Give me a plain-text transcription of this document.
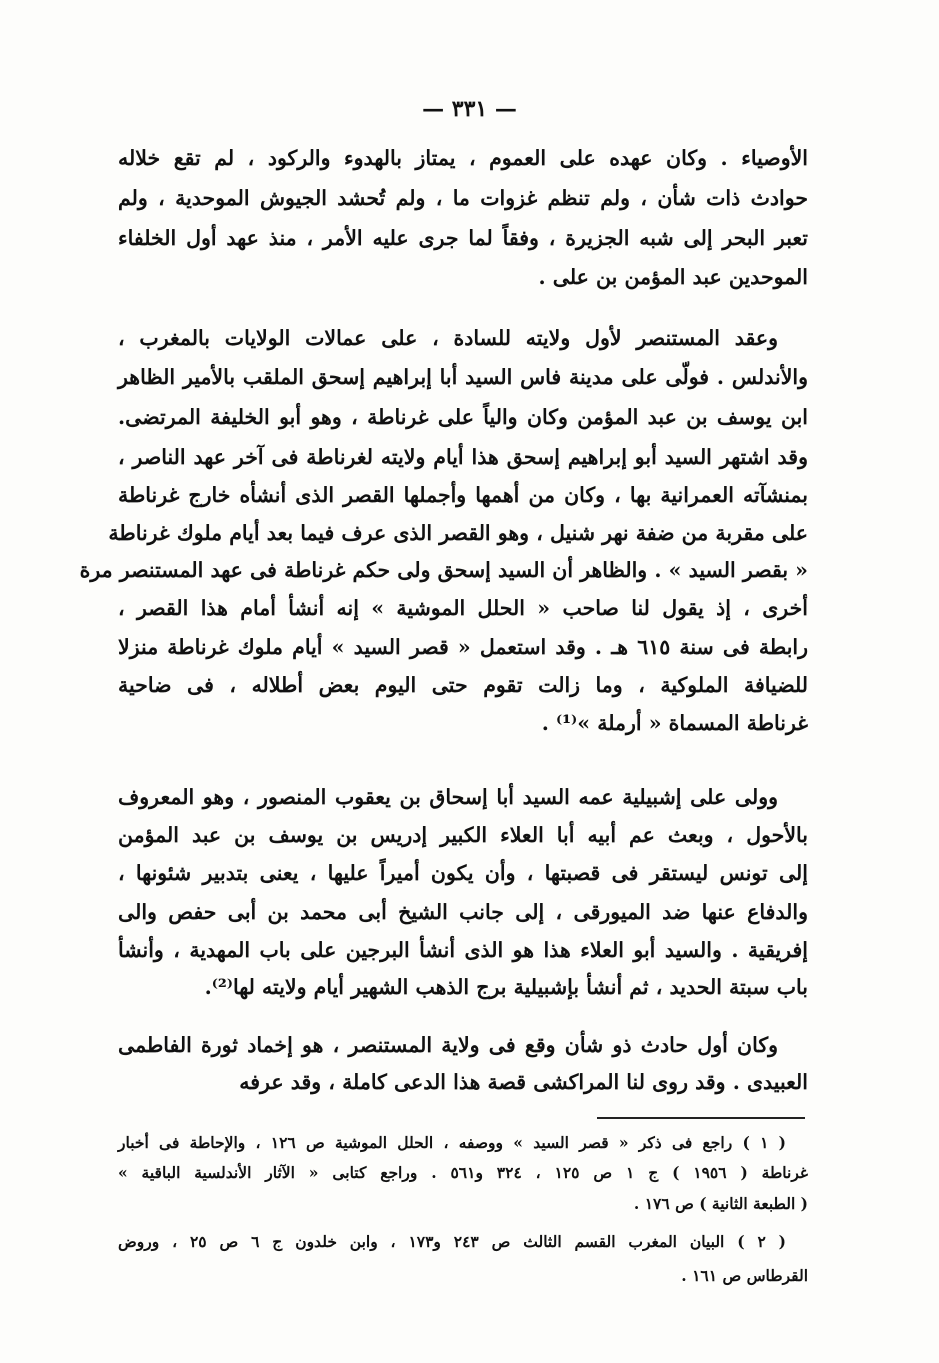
— ٣٣١ —
الأوصياء . وكان عهده على العموم ، يمتاز بالهدوء والركود ، لم تقع خلاله
حوادث ذات شأن ، ولم تنظم غزوات ما ، ولم تُحشد الجيوش الموحدية ، ولم
تعبر البحر إلى شبه الجزيرة ، وفقاً لما جرى عليه الأمر ، منذ عهد أول الخلفاء
الموحدين عبد المؤمن بن على .
وعقد المستنصر لأول ولايته للسادة ، على عمالات الولايات بالمغرب ،
والأندلس . فولّى على مدينة فاس السيد أبا إبراهيم إسحق الملقب بالأمير الظاهر
ابن يوسف بن عبد المؤمن وكان والياً على غرناطة ، وهو أبو الخليفة المرتضى.
وقد اشتهر السيد أبو إبراهيم إسحق هذا أيام ولايته لغرناطة فى آخر عهد الناصر ،
بمنشآته العمرانية بها ، وكان من أهمها وأجملها القصر الذى أنشأه خارج غرناطة
على مقربة من ضفة نهر شنيل ، وهو القصر الذى عرف فيما بعد أيام ملوك غرناطة
« بقصر السيد » . والظاهر أن السيد إسحق ولى حكم غرناطة فى عهد المستنصر مرة
أخرى ، إذ يقول لنا صاحب « الحلل الموشية » إنه أنشأ أمام هذا القصر ،
رابطة فى سنة ٦١٥ هـ . وقد استعمل « قصر السيد » أيام ملوك غرناطة منزلا
للضيافة الملوكية ، وما زالت تقوم حتى اليوم بعض أطلاله ، فى ضاحية
غرناطة المسماة « أرملة »⁽¹⁾ .
وولى على إشبيلية عمه السيد أبا إسحاق بن يعقوب المنصور ، وهو المعروف
بالأحول ، وبعث عم أبيه أبا العلاء الكبير إدريس بن يوسف بن عبد المؤمن
إلى تونس ليستقر فى قصبتها ، وأن يكون أميراً عليها ، يعنى بتدبير شئونها ،
والدفاع عنها ضد الميورقى ، إلى جانب الشيخ أبى محمد بن أبى حفص والى
إفريقية . والسيد أبو العلاء هذا هو الذى أنشأ البرجين على باب المهدية ، وأنشأ
باب سبتة الحديد ، ثم أنشأ بإشبيلية برج الذهب الشهير أيام ولايته لها⁽²⁾.
وكان أول حادث ذو شأن وقع فى ولاية المستنصر ، هو إخماد ثورة الفاطمى
العبيدى . وقد روى لنا المراكشى قصة هذا الدعى كاملة ، وقد عرفه
( ١ ) راجع فى ذكر « قصر السيد » ووصفه ، الحلل الموشية ص ١٢٦ ، والإحاطة فى أخبار
غرناطة ( ١٩٥٦ ) ج ١ ص ١٢٥ ، ٣٢٤ و٥٦١ . وراجع كتابى « الآثار الأندلسية الباقية »
( الطبعة الثانية ) ص ١٧٦ .
( ٢ ) البيان المغرب القسم الثالث ص ٢٤٣ و١٧٣ ، وابن خلدون ج ٦ ص ٢٥ ، وروض
القرطاس ص ١٦١ .
